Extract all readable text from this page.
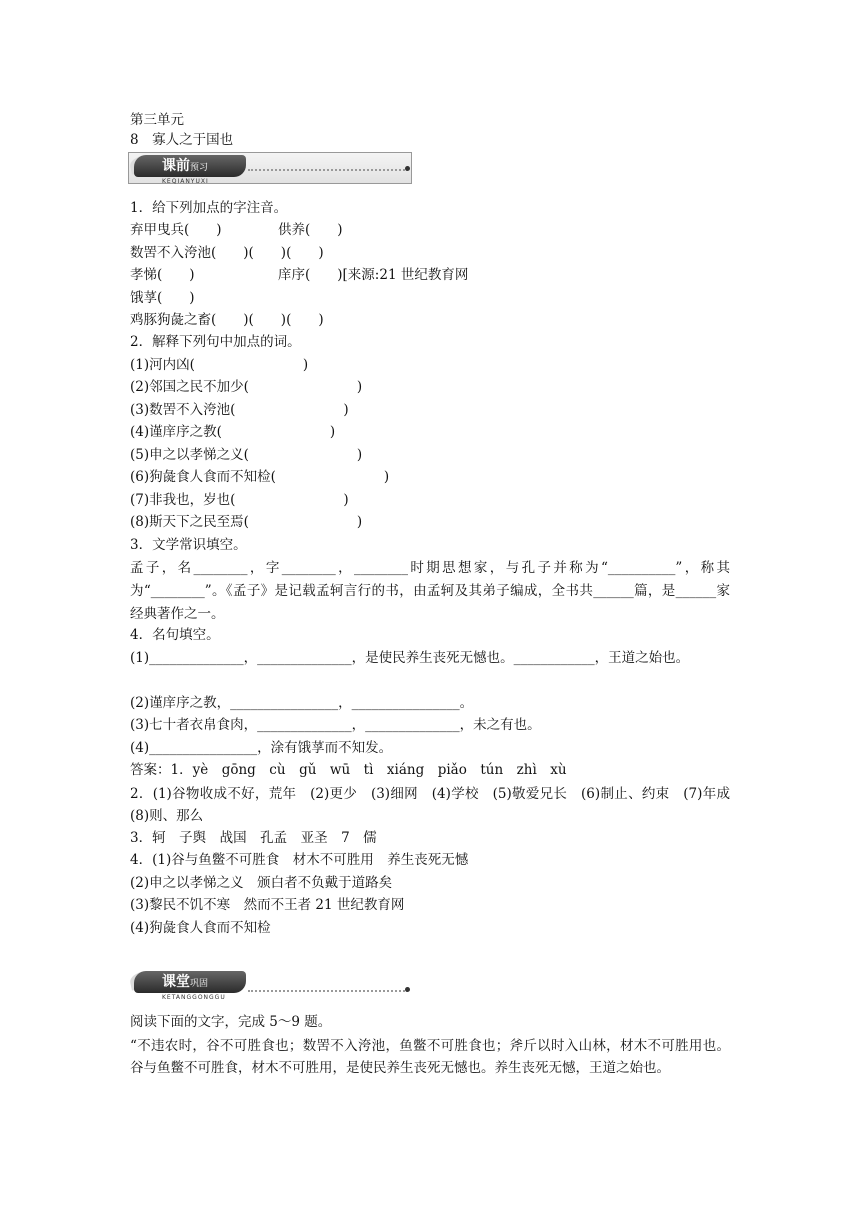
第三单元
8　寡人之于国也
课前预习
KEQIANYUXI
1．给下列加点的字注音。
弃甲曳兵(　　)	供养(　　)
数罟不入洿池(　　)(　　)(　　)
孝悌(　　)	庠序(　　)[来源:21 世纪教育网
饿莩(　　)
鸡豚狗彘之畜(　　)(　　)(　　)
2．解释下列句中加点的词。
(1)河内凶(　　　　　　　　)
(2)邻国之民不加少(　　　　　　　　)
(3)数罟不入洿池(　　　　　　　　)
(4)谨庠序之教(　　　　　　　　)
(5)申之以孝悌之义(　　　　　　　　)
(6)狗彘食人食而不知检(　　　　　　　　)
(7)非我也，岁也(　　　　　　　　)
(8)斯天下之民至焉(　　　　　　　　)
3．文学常识填空。
孟子，名________，字________，________时期思想家，与孔子并称为“__________”，称其为“________”。《孟子》是记载孟轲言行的书，由孟轲及其弟子编成，全书共______篇，是______家经典著作之一。
4．名句填空。
(1)______________，______________，是使民养生丧死无憾也。____________，王道之始也。
(2)谨庠序之教，________________，________________。
(3)七十者衣帛食肉，______________，______________，未之有也。
(4)________________，涂有饿莩而不知发。
答案：1．yè　gōng　cù　gǔ　wū　tì　xiáng　piǎo　tún　zhì　xù
2．(1)谷物收成不好，荒年　(2)更少　(3)细网　(4)学校　(5)敬爱兄长　(6)制止、约束　(7)年成　(8)则、那么
3．轲　子舆　战国　孔孟　亚圣　7　儒
4．(1)谷与鱼鳖不可胜食　材木不可胜用　养生丧死无憾
(2)申之以孝悌之义　颁白者不负戴于道路矣
(3)黎民不饥不寒　然而不王者 21 世纪教育网
(4)狗彘食人食而不知检
课堂巩固
KETANGGONGGU
阅读下面的文字，完成 5～9 题。
“不违农时，谷不可胜食也；数罟不入洿池，鱼鳖不可胜食也；斧斤以时入山林，材木不可胜用也。谷与鱼鳖不可胜食，材木不可胜用，是使民养生丧死无憾也。养生丧死无憾，王道之始也。
